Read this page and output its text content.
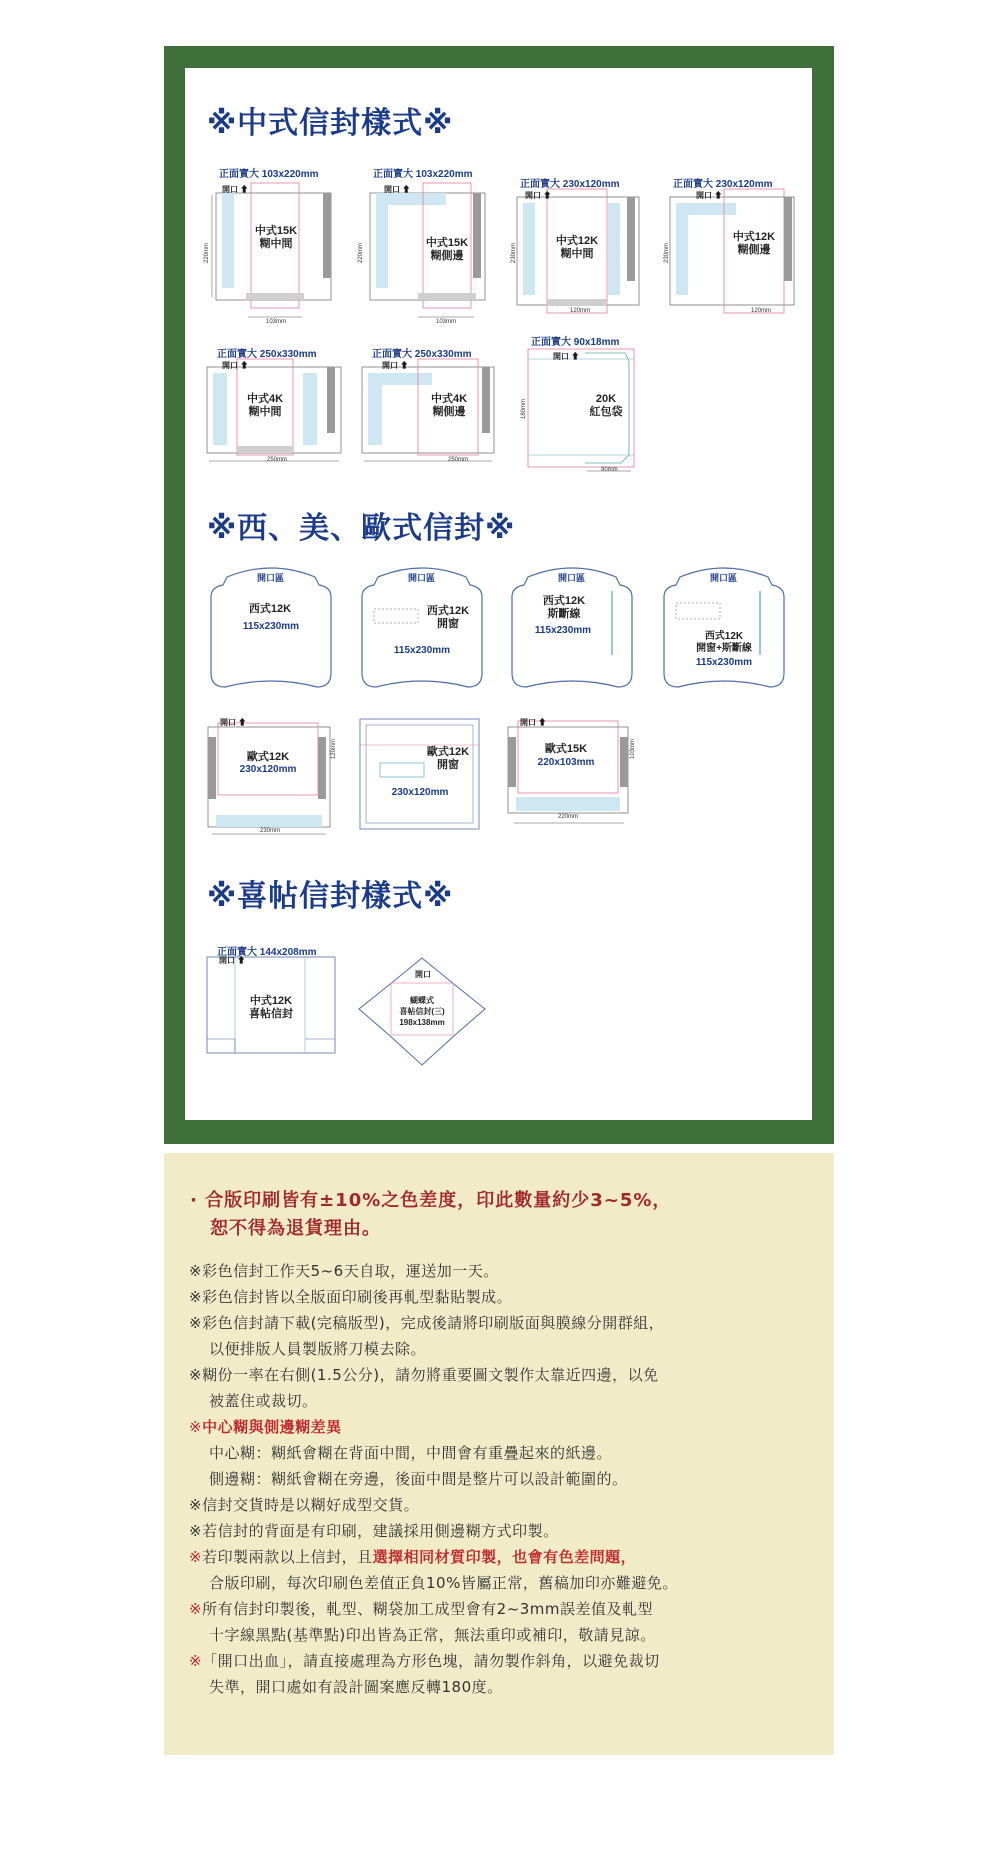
※中式信封樣式※
正面實大 103x220mm
開口 ⬆
中式15K
糊中間
103mm
220mm
正面實大 103x220mm
開口 ⬆
中式15K
糊側邊
103mm
220mm
正面實大 230x120mm
開口 ⬆
中式12K
糊中間
120mm
230mm
正面實大 230x120mm
開口 ⬆
中式12K
糊側邊
120mm
230mm
正面實大 250x330mm
開口 ⬆
中式4K
糊中間
250mm
正面實大 250x330mm
開口 ⬆
中式4K
糊側邊
250mm
正面實大 90x18mm
開口 ⬆
20K
紅包袋
90mm
180mm
※西、美、歐式信封※
開口區
西式12K
115x230mm
開口區
西式12K
開窗
115x230mm
開口區
西式12K
斯斷線
115x230mm
開口區
西式12K
開窗+斯斷線
115x230mm
開口 ⬆
歐式12K
230x120mm
230mm
120mm	歐式12K
開窗
230x120mm
開口 ⬆
歐式15K
220x103mm
220mm
103mm
※喜帖信封樣式※
正面實大 144x208mm
開口 ⬆
中式12K
喜帖信封
開口
蝴蝶式
喜帖信封(三)
198x138mm
· 合版印刷皆有±10%之色差度，印此數量約少3~5%，
恕不得為退貨理由。
※彩色信封工作天5~6天自取，運送加一天。
※彩色信封皆以全版面印刷後再軋型黏貼製成。
※彩色信封請下載(完稿版型)，完成後請將印刷版面與膜線分開群組，
以便排版人員製版將刀模去除。
※糊份一率在右側(1.5公分)，請勿將重要圖文製作太靠近四邊，以免
被蓋住或裁切。
※中心糊與側邊糊差異
中心糊：糊紙會糊在背面中間，中間會有重疊起來的紙邊。
側邊糊：糊紙會糊在旁邊，後面中間是整片可以設計範圍的。
※信封交貨時是以糊好成型交貨。
※若信封的背面是有印刷，建議採用側邊糊方式印製。
※若印製兩款以上信封，且選擇相同材質印製，也會有色差問題，
合版印刷，每次印刷色差值正負10%皆屬正常，舊稿加印亦難避免。
※所有信封印製後，軋型、糊袋加工成型會有2~3mm誤差值及軋型
十字線黑點(基準點)印出皆為正常，無法重印或補印，敬請見諒。
※「開口出血」，請直接處理為方形色塊，請勿製作斜角，以避免裁切
失準，開口處如有設計圖案應反轉180度。
